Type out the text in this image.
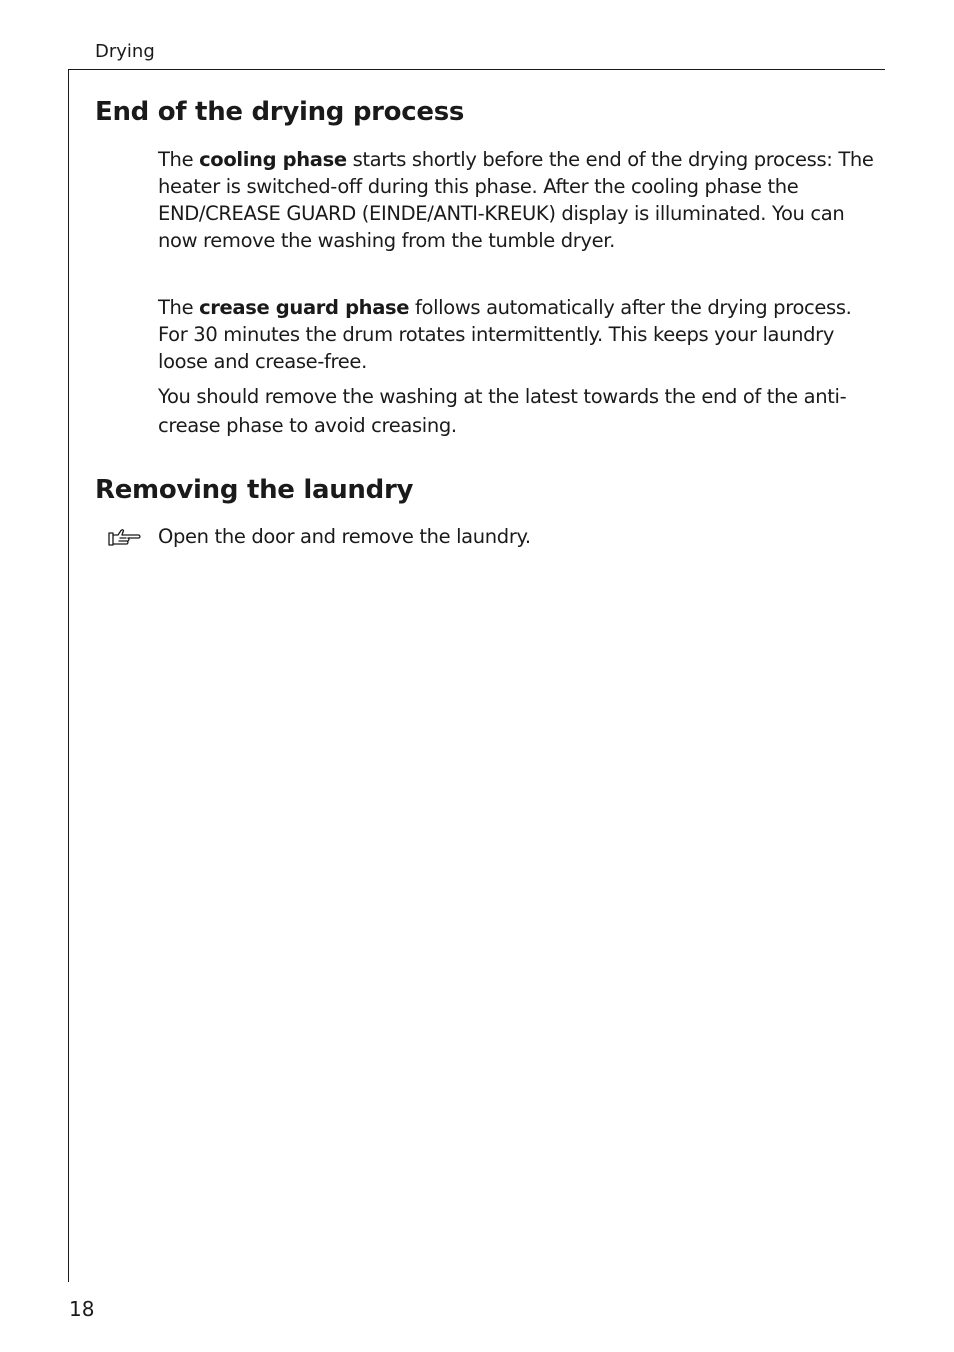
Drying
End of the drying process

The cooling phase starts shortly before the end of the drying process: The heater is switched-off during this phase. After the cooling phase the END/CREASE GUARD (EINDE/ANTI-KREUK) display is illuminated. You can now remove the washing from the tumble dryer.

The crease guard phase follows automatically after the drying process. For 30 minutes the drum rotates intermittently. This keeps your laundry loose and crease-free.

You should remove the washing at the latest towards the end of the anti-crease phase to avoid creasing.

Removing the laundry

Open the door and remove the laundry.

18
